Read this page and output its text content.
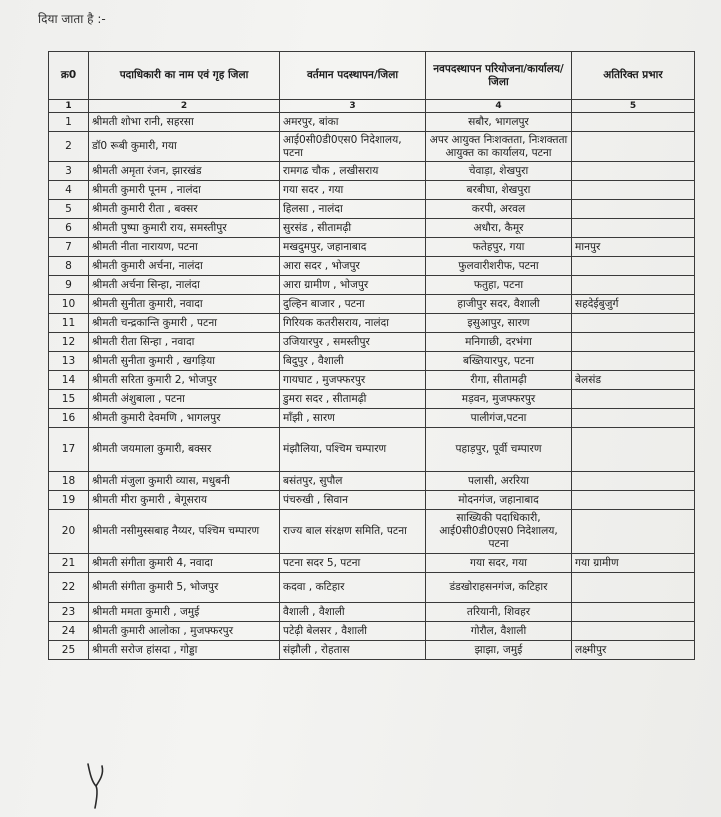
दिया जाता है :-
क्र0	पदाधिकारी का नाम एवं गृह जिला	वर्तमान पदस्थापन/जिला	नवपदस्थापन परियोजना/कार्यालय/जिला	अतिरिक्त प्रभार
1	2	3	4	5
1	श्रीमती शोभा रानी, सहरसा	अमरपुर, बांका	सबौर, भागलपुर	
2	डॉ0 रूबी कुमारी, गया	आई0सी0डी0एस0 निदेशालय, पटना	अपर आयुक्त निःशक्तता, निःशक्तता आयुक्त का कार्यालय, पटना	
3	श्रीमती अमृता रंजन, झारखंड	रामगढ चौक , लखीसराय	चेवाड़ा, शेखपुरा	
4	श्रीमती कुमारी पूनम , नालंदा	गया सदर , गया	बरबीघा, शेखपुरा	
5	श्रीमती कुमारी रीता , बक्सर	हिलसा , नालंदा	करपी, अरवल	
6	श्रीमती पुष्पा कुमारी राय, समस्तीपुर	सुरसंड , सीतामढ़ी	अधौरा, कैमूर	
7	श्रीमती नीता नारायण, पटना	मखदुमपुर, जहानाबाद	फतेहपुर, गया	मानपुर
8	श्रीमती कुमारी अर्चना, नालंदा	आरा सदर , भोजपुर	फुलवारीशरीफ, पटना	
9	श्रीमती अर्चना सिन्हा, नालंदा	आरा ग्रामीण , भोजपुर	फतुहा, पटना	
10	श्रीमती सुनीता कुमारी, नवादा	दुल्हिन बाजार , पटना	हाजीपुर सदर, वैशाली	सहदेईबुजुर्ग
11	श्रीमती चन्द्रकान्ति कुमारी , पटना	गिरियक कतरीसराय, नालंदा	इसुआपुर, सारण	
12	श्रीमती रीता सिन्हा , नवादा	उजियारपुर , समस्तीपुर	मनिगाछी, दरभंगा	
13	श्रीमती सुनीता कुमारी , खगड़िया	बिदुपुर , वैशाली	बख्तियारपुर, पटना	
14	श्रीमती सरिता कुमारी 2, भोजपुर	गायघाट , मुजफ्फरपुर	रीगा, सीतामढ़ी	बेलसंड
15	श्रीमती अंशुबाला , पटना	डुमरा सदर , सीतामढ़ी	मड़वन, मुजफ्फरपुर	
16	श्रीमती कुमारी देवमणि , भागलपुर	माँझी , सारण	पालीगंज,पटना	
17	श्रीमती जयमाला कुमारी, बक्सर	मंझौलिया, पश्चिम चम्पारण	पहाड़पुर, पूर्वी चम्पारण	
18	श्रीमती मंजुला कुमारी व्यास, मधुबनी	बसंतपुर, सुपौल	पलासी, अररिया	
19	श्रीमती मीरा कुमारी , बेगूसराय	पंचरुखी , सिवान	मोदनगंज, जहानाबाद	
20	श्रीमती नसीमुस्सबाह नैय्यर, पश्चिम चम्पारण	राज्य बाल संरक्षण समिति, पटना	साख्यिकी पदाधिकारी, आई0सी0डी0एस0 निदेशालय, पटना	
21	श्रीमती संगीता कुमारी 4, नवादा	पटना सदर 5, पटना	गया सदर, गया	गया ग्रामीण
22	श्रीमती संगीता कुमारी 5, भोजपुर	कदवा , कटिहार	डंडखोराहसनगंज, कटिहार	
23	श्रीमती ममता कुमारी , जमुई	वैशाली , वैशाली	तरियानी, शिवहर	
24	श्रीमती कुमारी आलोका , मुजफ्फरपुर	पटेढ़ी बेलसर , वैशाली	गोरौल, वैशाली	
25	श्रीमती सरोज हांसदा , गोड्डा	संझौली , रोहतास	झाझा, जमुई	लक्ष्मीपुर
